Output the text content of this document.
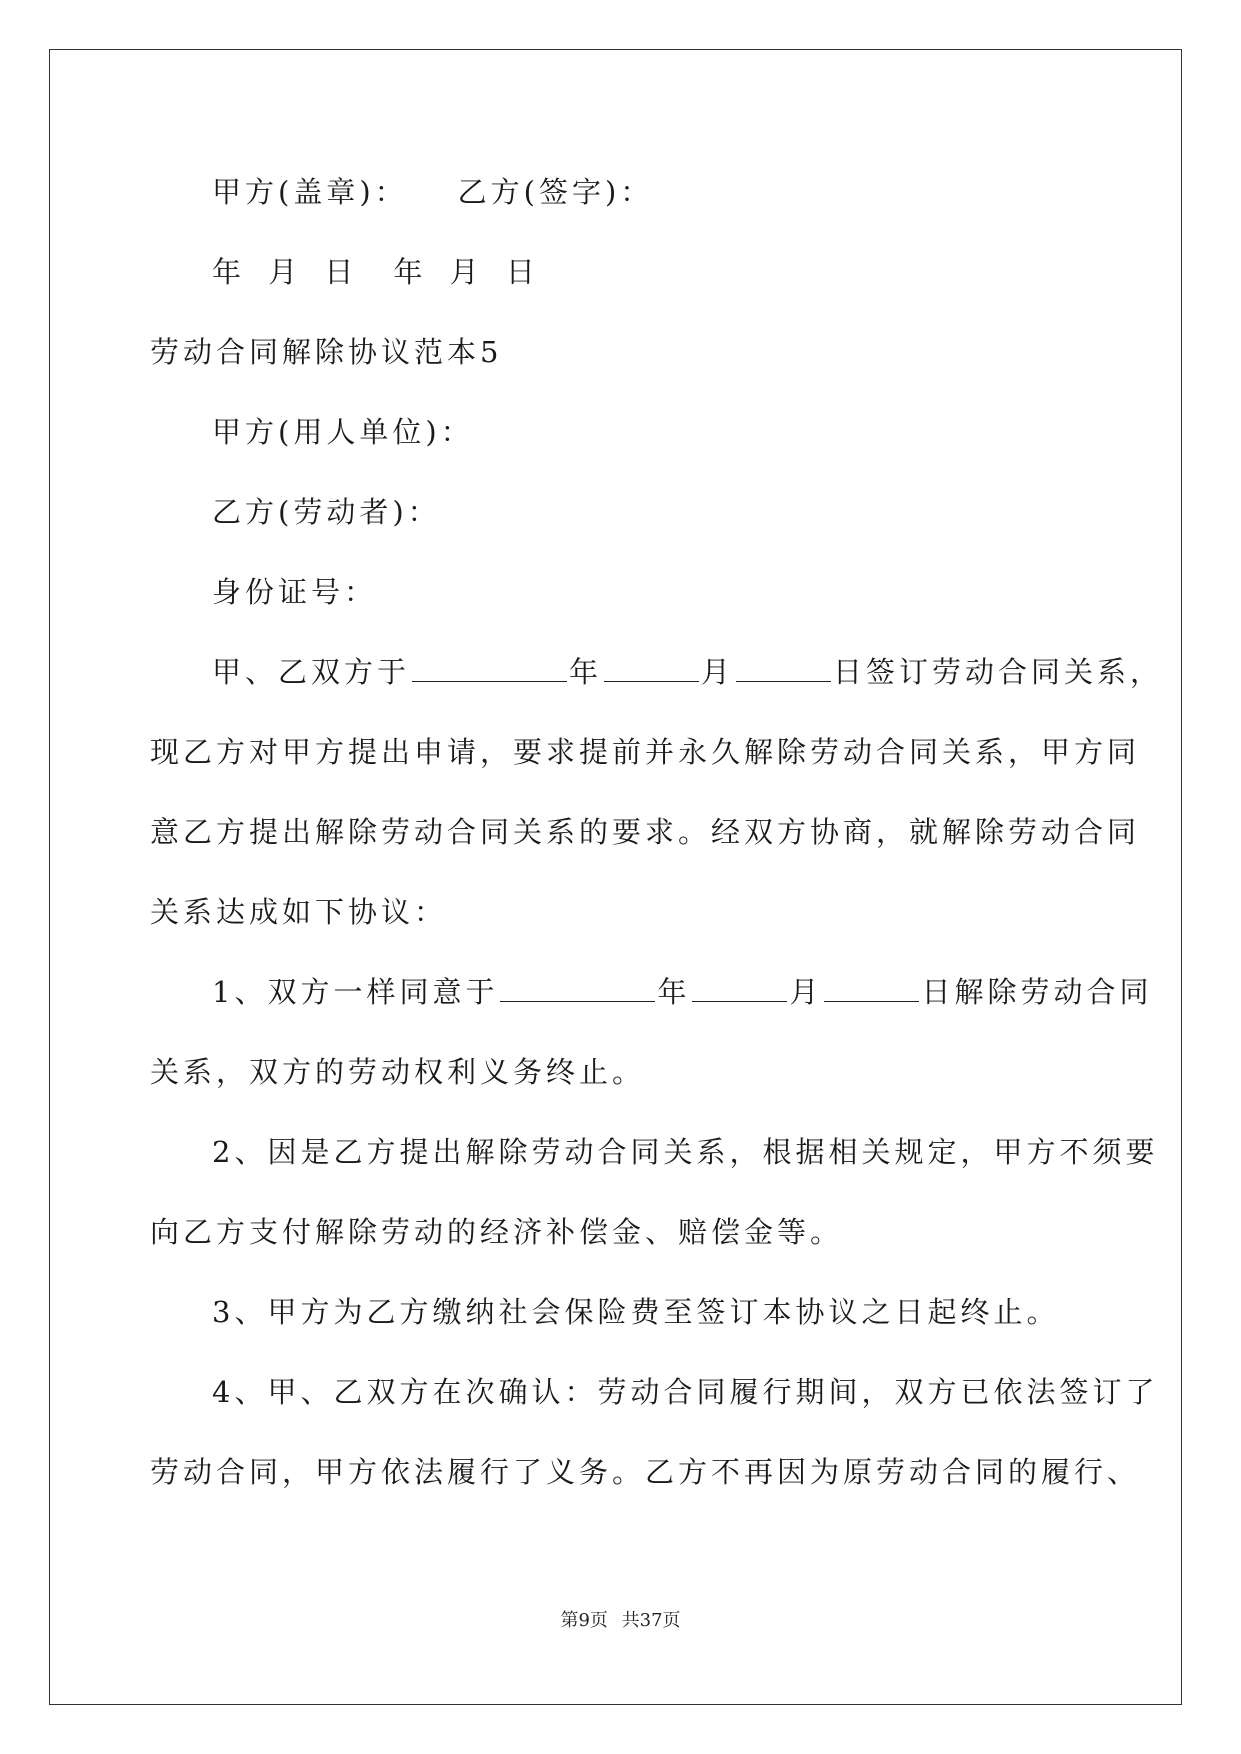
甲方(盖章)： 乙方(签字)：
年 月 日 年 月 日
劳动合同解除协议范本5
甲方(用人单位)：
乙方(劳动者)：
身份证号：
甲、乙双方于	年	月	日签订劳动合同关系，
现乙方对甲方提出申请，要求提前并永久解除劳动合同关系，甲方同
意乙方提出解除劳动合同关系的要求。经双方协商，就解除劳动合同
关系达成如下协议：
1、双方一样同意于	年	月	日解除劳动合同
关系，双方的劳动权利义务终止。
2、因是乙方提出解除劳动合同关系，根据相关规定，甲方不须要
向乙方支付解除劳动的经济补偿金、赔偿金等。
3、甲方为乙方缴纳社会保险费至签订本协议之日起终止。
4、甲、乙双方在次确认：劳动合同履行期间，双方已依法签订了
劳动合同，甲方依法履行了义务。乙方不再因为原劳动合同的履行、
第9页 共37页
